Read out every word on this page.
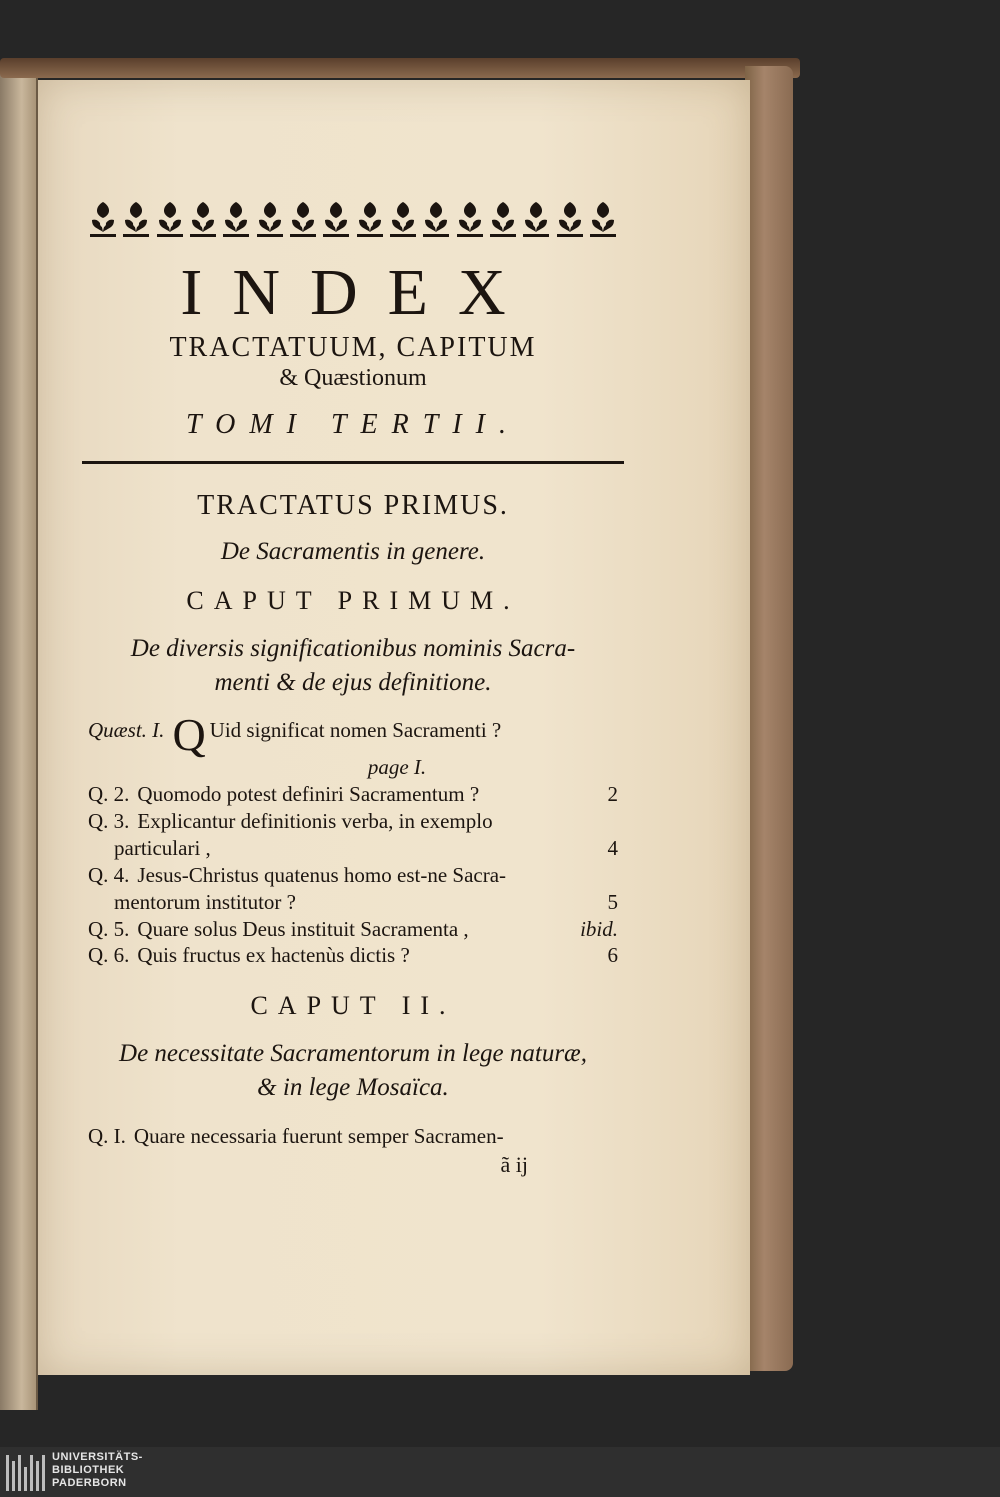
INDEX
TRACTATUUM, CAPITUM
& Quæstionum
TOMI TERTII.
TRACTATUS PRIMUS.
De Sacramentis in genere.
CAPUT PRIMUM.
De diversis significationibus nominis Sacra-
menti & de ejus definitione.
Quæst. I. Q Uid significat nomen Sacramenti ?
page I.
Q. 2. Quomodo potest definiri Sacramentum ?	2
Q. 3. Explicantur definitionis verba, in exemplo
particulari ,	4
Q. 4. Jesus-Christus quatenus homo est-ne Sacra-
mentorum institutor ?	5
Q. 5. Quare solus Deus instituit Sacramenta ,	ibid.
Q. 6. Quis fructus ex hactenùs dictis ?	6
CAPUT II.
De necessitate Sacramentorum in lege naturæ,
& in lege Mosaïca.
Q. I. Quare necessaria fuerunt semper Sacramen-
ã ij
UNIVERSITÄTS-
BIBLIOTHEK
PADERBORN
